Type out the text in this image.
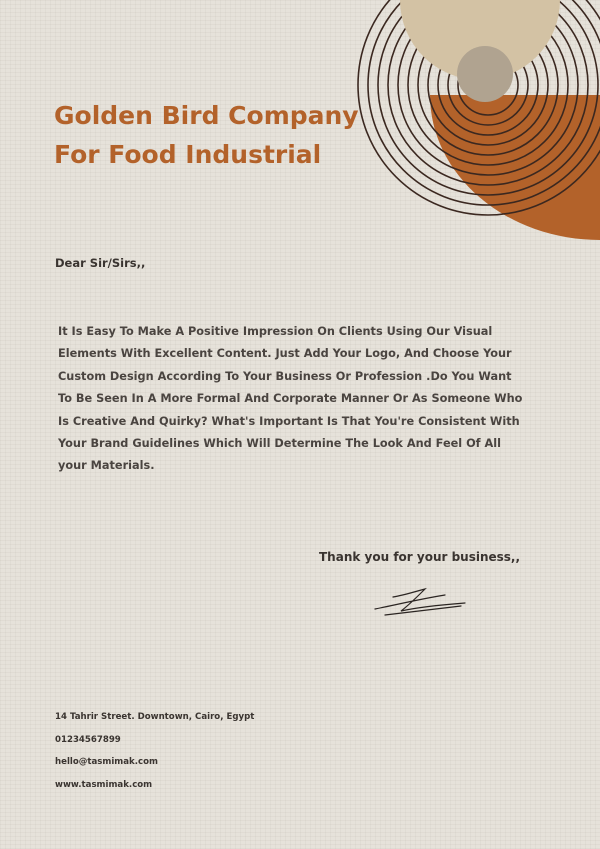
Golden Bird Company
For Food Industrial
Dear Sir/Sirs,,

It Is Easy To Make A Positive Impression On Clients Using Our Visual Elements With Excellent Content. Just Add Your Logo, And Choose Your Custom Design According To Your Business Or Profession .Do You Want To Be Seen In A More Formal And Corporate Manner Or As Someone Who Is Creative And Quirky? What's Important Is That You're Consistent With Your Brand Guidelines Which Will Determine The Look And Feel Of All your Materials.

Thank you for your business,,
14 Tahrir Street. Downtown, Cairo, Egypt
01234567899
hello@tasmimak.com
www.tasmimak.com
